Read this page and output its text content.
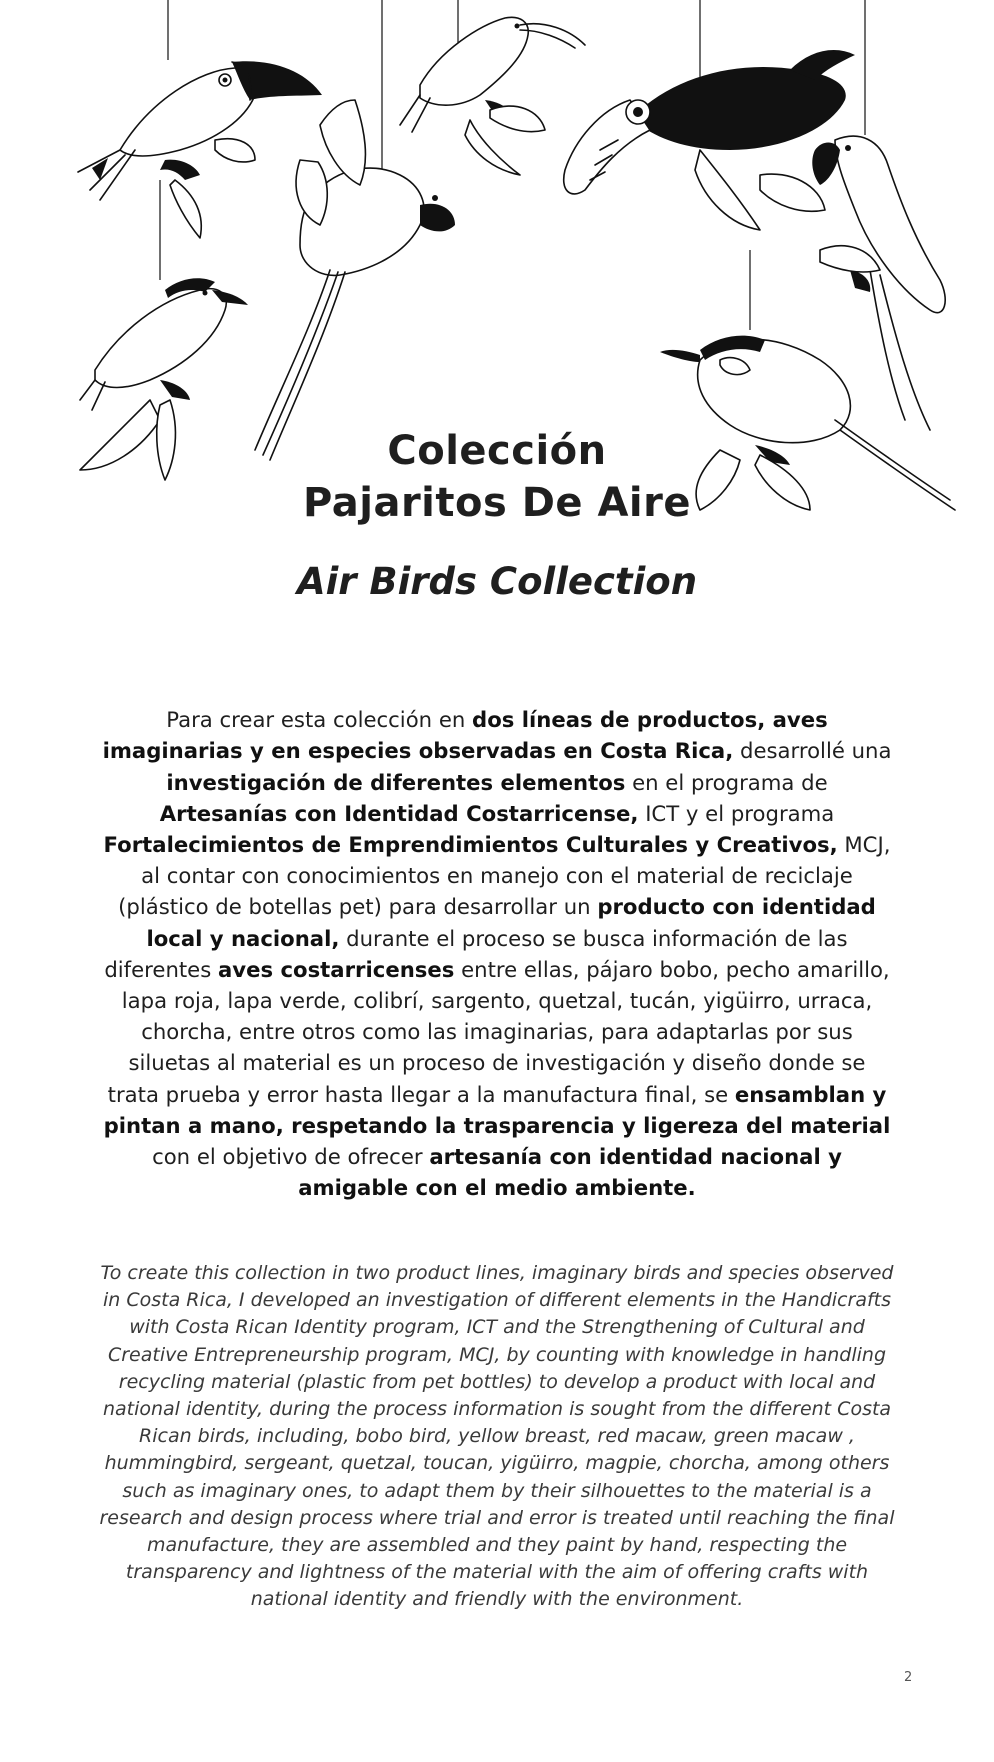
Colección
Pajaritos De Aire
Air Birds Collection

Para crear esta colección en dos líneas de productos, aves imaginarias y en especies observadas en Costa Rica, desarrollé una investigación de diferentes elementos en el programa de Artesanías con Identidad Costarricense, ICT y el programa Fortalecimientos de Emprendimientos Culturales y Creativos, MCJ, al contar con conocimientos en manejo con el material de reciclaje (plástico de botellas pet) para desarrollar un producto con identidad local y nacional, durante el proceso se busca información de las diferentes aves costarricenses entre ellas, pájaro bobo, pecho amarillo, lapa roja, lapa verde, colibrí, sargento, quetzal, tucán, yigüirro, urraca, chorcha, entre otros como las imaginarias, para adaptarlas por sus siluetas al material es un proceso de investigación y diseño donde se trata prueba y error hasta llegar a la manufactura final, se ensamblan y pintan a mano, respetando la trasparencia y ligereza del material con el objetivo de ofrecer artesanía con identidad nacional y amigable con el medio ambiente.

To create this collection in two product lines, imaginary birds and species observed in Costa Rica, I developed an investigation of different elements in the Handicrafts with Costa Rican Identity program, ICT and the Strengthening of Cultural and Creative Entrepreneurship program, MCJ, by counting with knowledge in handling recycling material (plastic from pet bottles) to develop a product with local and national identity, during the process information is sought from the different Costa Rican birds, including, bobo bird, yellow breast, red macaw, green macaw , hummingbird, sergeant, quetzal, toucan, yigüirro, magpie, chorcha, among others such as imaginary ones, to adapt them by their silhouettes to the material is a research and design process where trial and error is treated until reaching the final manufacture, they are assembled and they paint by hand, respecting the transparency and lightness of the material with the aim of offering crafts with national identity and friendly with the environment.

2
